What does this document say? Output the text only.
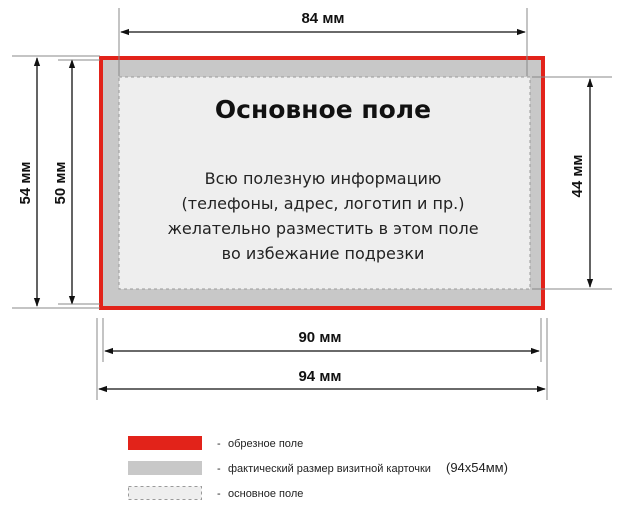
Основное поле
Всю полезную информацию
(телефоны, адрес, логотип и пр.)
желательно разместить в этом поле
во избежание подрезки
84 мм
90 мм
94 мм
54 мм 50 мм	44 мм
- обрезное поле
- фактический размер визитной карточки (94х54мм)
- основное поле
